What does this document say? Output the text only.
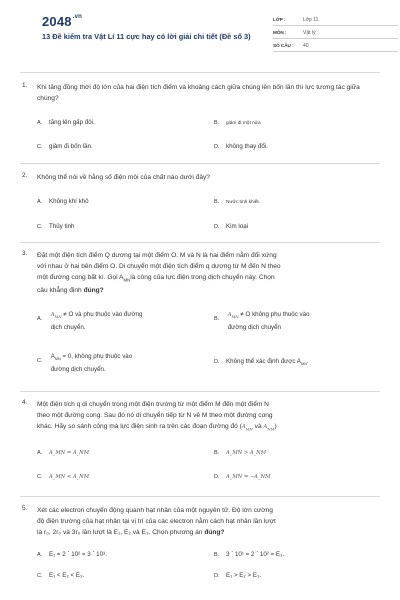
$2048^{.vn}$
13 Đề kiểm tra Vật Lí 11 cực hay có lời giải chi tiết (Đề số 3)
LỚP :	Lớp 11
MÔN :	Vật lý
SỐ CÂU :	40
1. Khi tăng đồng thời độ lớn của hai điện tích điểm và khoảng cách giữa chúng lên bốn lần thì lực tương tác giữa chúng?
A. tăng lên gấp đôi.	B. giảm đi một nửa
C. giảm đi bốn lần.	D. không thay đổi.
2. Không thể nói về hằng số điện môi của chất nào dưới đây?
A. Không khí khô	B. Nước tinh khiết.
C. Thủy tinh	D. Kim loại
3. Đặt một điện tích điểm Q dương tại một điểm O. M và N là hai điểm nằm đối xứng
với nhau ở hai bên điểm O. Di chuyển một điện tích điểm q dương từ M đến N theo
một đường cong bất kì. Gọi $A_{MN}là$ công của lực điện trong dịch chuyển này. Chọn
câu khẳng định đúng?
A. $A_{MN} \ne O$ và phụ thuộc vào đường
dịch chuyển.
B. $A_{MN} \ne O$ không phụ thuộc vào
đường dịch chuyển
C. $A_{MN} = 0$, không phụ thuộc vào
đường dịch chuyển.
D. Không thể xác định được $A_{MN}$.
4. Một điện tích q di chuyển trong một điện trường từ một điểm M đến một điểm N
theo một đường cong. Sau đó nó di chuyển tiếp từ N về M theo một đường cong
khác. Hãy so sánh công mà lực điện sinh ra trên các đoạn đường đó ($A_{MN}$ và $A_{NM}$)
A. A_MN = A_NM	B. A_MN > A_NM
C. A_MN < A_NM	D. A_MN = −A_NM
5. Xét các electron chuyển động quanh hạt nhân của một nguyên tử. Độ lớn cường
độ điện trường của hạt nhân tại vị trí của các electron nằm cách hạt nhân lần lượt
là r₀, 2r₀ và 3r₀ lần lượt là E₁, E₂ và E₃. Chọn phương án đúng?
A. E₁ = 2 ˊ 10² = 3 ˊ 10³.	B. 3 ˊ 10¹ = 2 ˊ 10² = E₃.
C. E₁ < E₂ < E₃.	D. E₁ > E₂ > E₃.
